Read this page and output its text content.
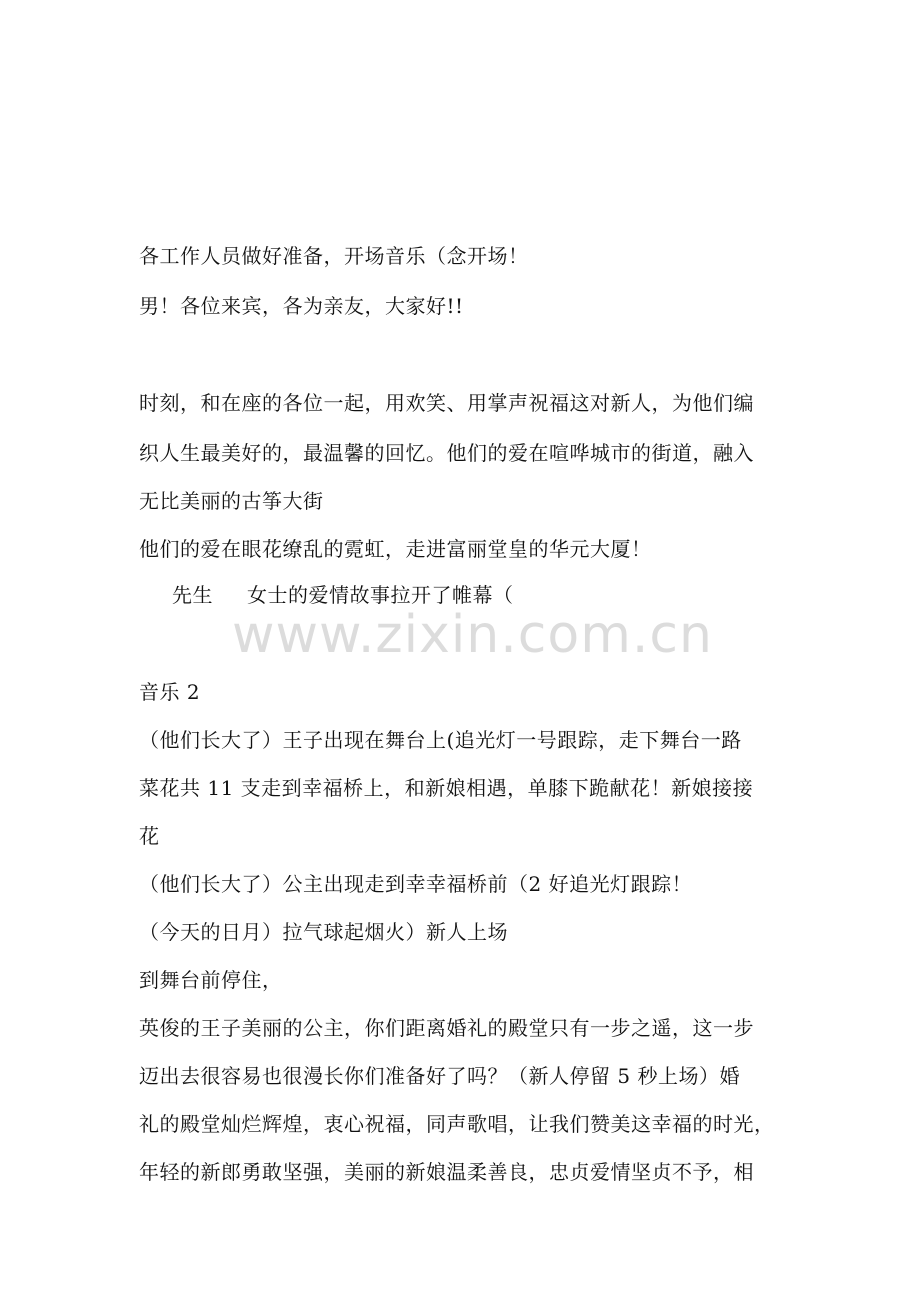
各工作人员做好准备，开场音乐（念开场！
男！各位来宾，各为亲友，大家好!!
时刻，和在座的各位一起，用欢笑、用掌声祝福这对新人，为他们编
织人生最美好的，最温馨的回忆。他们的爱在喧哗城市的街道，融入
无比美丽的古筝大街
他们的爱在眼花缭乱的霓虹，走进富丽堂皇的华元大厦！
先生 女士的爱情故事拉开了帷幕（
www.zixin.com.cn
音乐 2
（他们长大了）王子出现在舞台上(追光灯一号跟踪，走下舞台一路
菜花共 11 支走到幸福桥上，和新娘相遇，单膝下跪献花！新娘接接
花
（他们长大了）公主出现走到幸幸福桥前（2 好追光灯跟踪！
（今天的日月）拉气球起烟火）新人上场
到舞台前停住，
英俊的王子美丽的公主，你们距离婚礼的殿堂只有一步之遥，这一步
迈出去很容易也很漫长你们准备好了吗？（新人停留 5 秒上场）婚
礼的殿堂灿烂辉煌，衷心祝福，同声歌唱，让我们赞美这幸福的时光，
年轻的新郎勇敢坚强，美丽的新娘温柔善良，忠贞爱情坚贞不予，相
